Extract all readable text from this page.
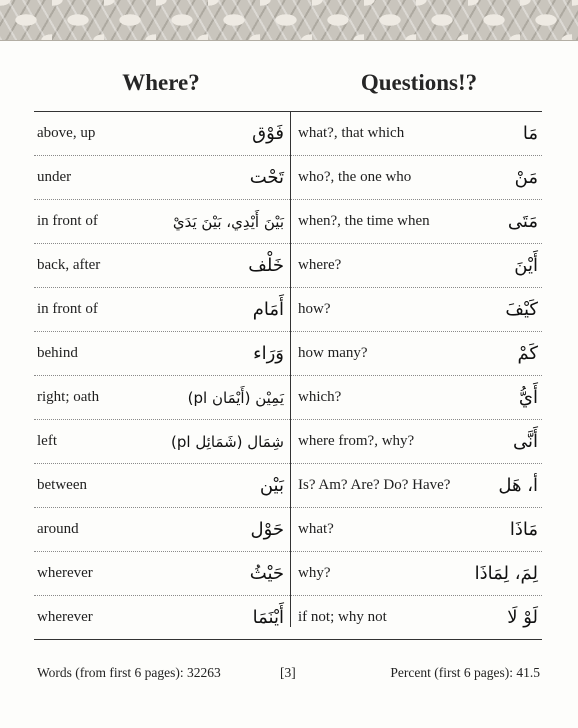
Where?	Questions!?
above, up	فَوْق what?, that which	مَا
under	تَحْت who?, the one who	مَنْ
in front of	بَيْنَ أَيْدِي، بَيْنَ يَدَيْ when?, the time when	مَتَى
back, after	خَلْف where?	أَيْنَ
in front of	أَمَام how?	كَيْفَ
behind	وَرَاء how many?	كَمْ
right; oath	يَمِيْن (أَيْمَان pl) which?	أَيُّ
left	شِمَال (شَمَائِل pl) where from?, why?	أَنَّى
between	بَيْن Is? Am? Are? Do? Have?	أ، هَل
around	حَوْل what?	مَاذَا
wherever	حَيْثُ why?	لِمَ، لِمَاذَا
wherever	أَيْنَمَا if not; why not	لَوْ لَا
Words (from first 6 pages): 32263	[3]	Percent (first 6 pages): 41.5
